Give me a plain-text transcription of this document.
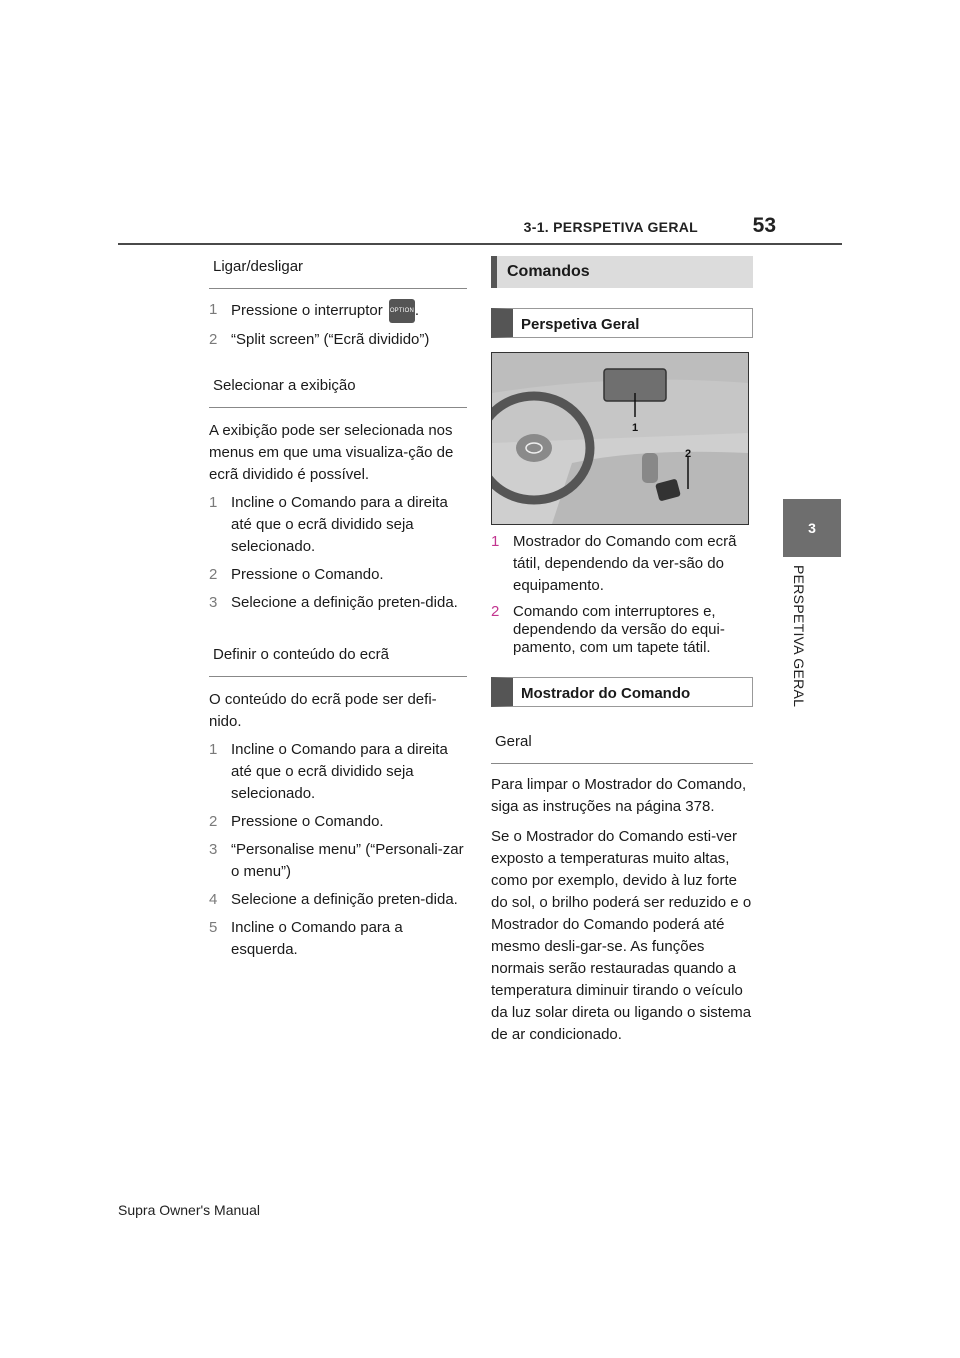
3-1. PERSPETIVA GERAL	53
3
PERSPETIVA GERAL
Ligar/desligar
1 Pressione o interruptor OPTION .
2 “Split screen” (“Ecrã dividido”)
Selecionar a exibição

A exibição pode ser selecionada nos menus em que uma visualiza-ção de ecrã dividido é possível.

1 Incline o Comando para a direita até que o ecrã dividido seja selecionado.
2 Pressione o Comando.
3 Selecione a definição preten-dida.
Definir o conteúdo do ecrã

O conteúdo do ecrã pode ser defi-nido.

1 Incline o Comando para a direita até que o ecrã dividido seja selecionado.
2 Pressione o Comando.
3 “Personalise menu” (“Personali-zar o menu”)
4 Selecione a definição preten-dida.
5 Incline o Comando para a esquerda.
Comandos
Perspetiva Geral
1
2
1 Mostrador do Comando com ecrã tátil, dependendo da ver-são do equipamento.
2 Comando com interruptores e, dependendo da versão do equi-pamento, com um tapete tátil.
Mostrador do Comando
Geral

Para limpar o Mostrador do Comando, siga as instruções na página 378.

Se o Mostrador do Comando esti-ver exposto a temperaturas muito altas, como por exemplo, devido à luz forte do sol, o brilho poderá ser reduzido e o Mostrador do Comando poderá até mesmo desli-gar-se. As funções normais serão restauradas quando a temperatura diminuir tirando o veículo da luz solar direta ou ligando o sistema de ar condicionado.

Supra Owner's Manual
